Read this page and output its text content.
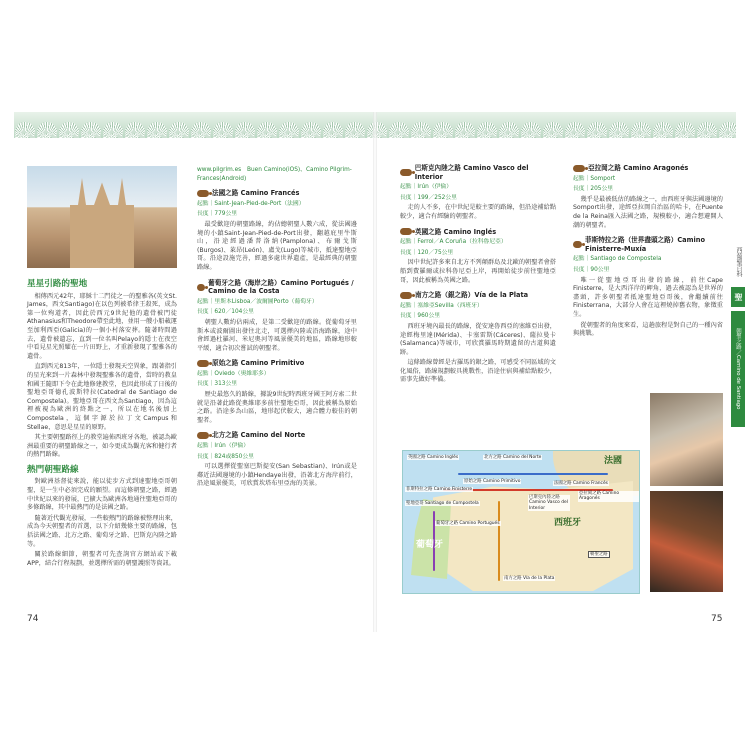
星星引路的聖地

相傳西元42年，耶穌十二門徒之一的聖雅各(英文St. James，西文Santiago)在以色列被希律王殺死，成為第一位殉道者，因此於西元9世紀他的遺骨被門徒Athanasius和Theodore帶至此地，並用一艘小船載運至加利西亞(Galicia)的一個小村落安葬。隨著時間過去，遺骨被遺忘，直到一位名叫Pelayo的隱士在夜空中看見星光照耀在一片田野上，才重新發現了聖雅各的遺骨。

直到西元813年，一位隱士發現天空異象，跟著指引的星光來到一片森林中發現聖雅各的遺骨，當時的教皇和國王隨即下令在此地修建教堂，也因此形成了日後的聖地亞哥德孔波斯特拉(Catedral de Santiago de Compostela)。聖地亞哥在西文為Santiago，因為這裡被視為歐洲的終點之一，所以在地名後加上Compostela，這個字源於拉丁文Campus和Stellae，意思是星星的原野。

其主要朝聖路徑上的教堂遍佈西班牙各地，被認為歐洲最重要的朝聖路線之一，如今更成為觀光客和健行者的熱門路線。

熱門朝聖路線

對歐洲基督徒來說，能以徒步方式到達聖地亞哥朝聖，是一生中必須完成的願望。而這條朝聖之路，經過中世紀以來的發展，已擴大為歐洲各地通往聖地亞哥的多條路線，其中最熱門的是法國之路。

隨著近代觀光發展，一些較熱門的路線被整理出來，成為今天朝聖者的首選，以下介紹幾條主要的路線，包括法國之路、北方之路、葡萄牙之路、巴斯克內陸之路等。

關於路線細節，朝聖者可先查詢官方網站或下載APP，結合行程規劃，並選擇所需的朝聖護照等資訊。

www.pilgrim.es　Buen Camino(iOS)、Camino Pilgrim-Frances(Android)
法國之路 Camino Francés
起點｜Saint-Jean-Pied-de-Port（法國）
長度｜779公里

最受歡迎的朝聖路線，約佔總朝聖人數六成，從法國邊境的小鎮Saint-Jean-Pied-de-Port出發，翻越庇里牛斯山，沿途經過潘普洛納(Pamplona)、布爾戈斯(Burgos)、萊昂(León)、盧戈(Lugo)等城市，抵達聖地亞哥。沿途設施完善，經過多處世界遺產，是最經典的朝聖路線。

葡萄牙之路（海岸之路）Camino Portugués / Camino de la Costa
起點｜里斯本Lisboa／波爾圖Porto（葡萄牙）
長度｜620／104公里

朝聖人數約佔兩成，是第二受歡迎的路線。從葡萄牙里斯本或波爾圖出發往北走，可選擇內陸或沿海路線，途中會經過杜羅河、米尼奧河等風景優美的地區，路線地形較平緩，適合初次嘗試的朝聖者。

原始之路 Camino Primitivo
起點｜Oviedo（奧維耶多）
長度｜313公里

歷史最悠久的路線，據說9世紀時西班牙國王阿方索二世就是沿著此路從奧維耶多前往聖地亞哥，因此被稱為原始之路。沿途多為山區，地形起伏較大，適合體力較佳的朝聖者。

北方之路 Camino del Norte
起點｜Irún（伊倫）
長度｜824或850公里

可以選擇從聖塞巴斯提安(San Sebastian)、Irún或是鄰近法國邊境的小鎮Hendaye出發，沿著北方海岸前行，沿途風景優美，可欣賞坎塔布里亞海的美景。

巴斯克內陸之路 Camino Vasco del Interior
起點｜Irún（伊倫）
長度｜199／252公里

走的人不多，在中世紀是較主要的路線，但沿途補給點較少，適合有經驗的朝聖者。

英國之路 Camino Inglés
起點｜Ferrol／A Coruña（拉科魯尼亞）
長度｜120／75公里

因中世紀許多來自北方不列顛群島及北歐的朝聖者會搭船到費羅爾或拉科魯尼亞上岸，再開始徒步前往聖地亞哥，因此被稱為英國之路。

南方之路（銀之路）Vía de la Plata
起點｜塞維亞Sevilla（西班牙）
長度｜960公里

西班牙境內最長的路線，從安達魯西亞的塞維亞出發，途經梅里達(Mérida)、卡塞雷斯(Cáceres)、薩拉曼卡(Salamanca)等城市，可欣賞羅馬時期遺留的古道與遺跡。

這條路線曾經是古羅馬的銀之路，可感受不同區域的文化風俗，路線規劃較具挑戰性，沿途住宿與補給點較少，需事先做好準備。

法國
西班牙
葡萄牙
英國之路 Camino Inglés	北方之路 Camino del Norte
巴斯克內陸之路 Camino Vasco del Interior
原始之路 Camino Primitivo	法國之路 Camino Francés
葡萄牙之路 Camino Portugués
南方之路 Vía de la Plata
菲斯特拉之路 Camino Finisterre
亞拉岡之路 Camino Aragonés
聖地亞哥 Santiago de Compostela
朝聖之路
亞拉岡之路 Camino Aragonés
起點｜Somport
長度｜205公里

幾乎是最被低估的路線之一，由西班牙與法國邊境的Somport出發，途經亞拉岡自治區的哈卡，在Puente de la Reina匯入法國之路，規模較小，適合想避開人潮的朝聖者。

菲斯特拉之路（世界盡頭之路）Camino Finisterre-Muxía
起點｜Santiago de Compostela
長度｜90公里

唯一從聖地亞哥出發的路線，前往Cape Finisterre，是大西洋岸的岬角，過去被認為是世界的盡頭，許多朝聖者抵達聖地亞哥後，會繼續前往Finisterrana，大部分人會在這裡燒掉舊衣物，象徵重生。

從朝聖者的角度來看，這趟旅程是對自己的一種內省與挑戰。

西葡聖百科
聖
朝聖之路／Camino de Santiago
74	75
